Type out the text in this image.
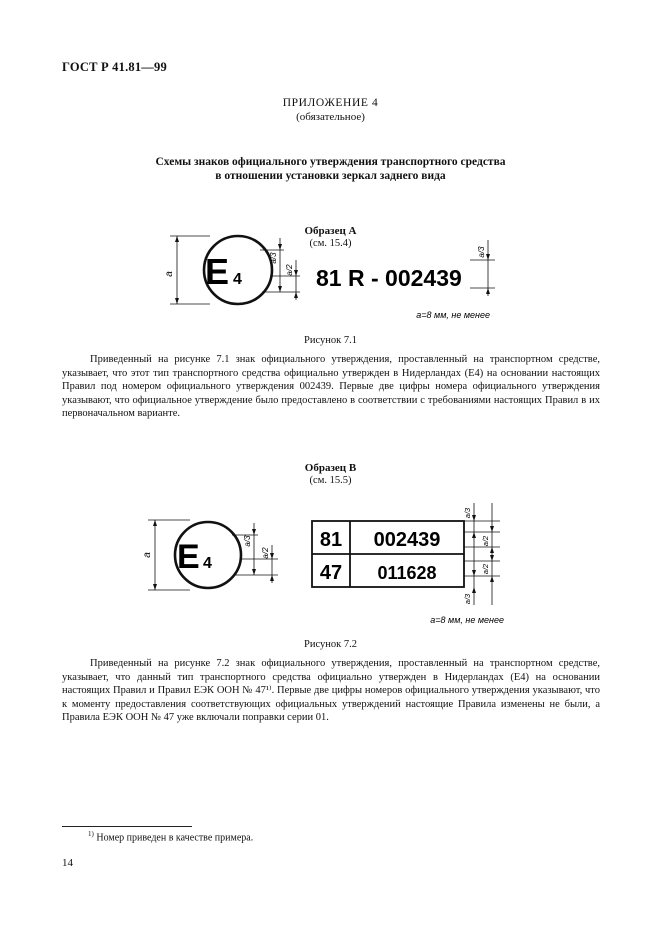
ГОСТ Р 41.81—99
ПРИЛОЖЕНИЕ 4
(обязательное)
Схемы знаков официального утверждения транспортного средства
в отношении установки зеркал заднего вида
Образец А
(см. 15.4)
a E 4
a/3
a/2 81 R - 002439
a/3
a=8 мм, не менее
Рисунок 7.1

Приведенный на рисунке 7.1 знак официального утверждения, проставленный на транспортном средстве, указывает, что этот тип транспортного средства официально утвержден в Нидерландах (E4) на основании настоящих Правил под номером официального утверждения 002439. Первые две цифры номера официального утверждения указывают, что официальное утверждение было предоставлено в соответствии с требованиями настоящих Правил в их первоначальном варианте.

Образец В
(см. 15.5)
a E 4
a/3
a/2
81 002439
47 011628
a/3
a/2
a/2
a/3
a=8 мм, не менее
Рисунок 7.2

Приведенный на рисунке 7.2 знак официального утверждения, проставленный на транспортном средстве, указывает, что данный тип транспортного средства официально утвержден в Нидерландах (E4) на основании настоящих Правил и Правил ЕЭК ООН № 47¹⁾. Первые две цифры номеров официального утверждения указывают, что к моменту предоставления соответствующих официальных утверждений настоящие Правила изменены не были, а Правила ЕЭК ООН № 47 уже включали поправки серии 01.

$^{1)}$ Номер приведен в качестве примера.
14
